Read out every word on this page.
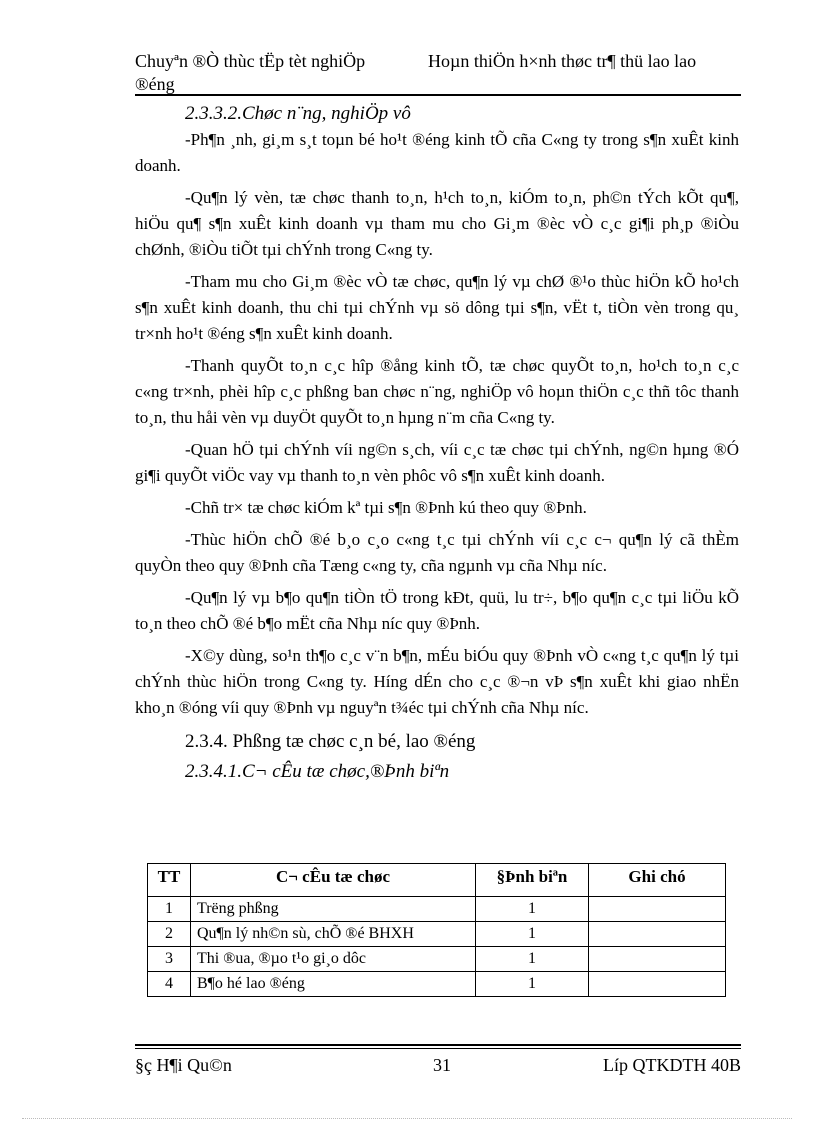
Chuyªn ®Ò thùc tËp tèt nghiÖp	Hoµn thiÖn h×nh thøc tr¶ thü lao lao
®éng
2.3.3.2.Chøc n¨ng, nghiÖp vô

-Ph¶n ¸nh, gi¸m s¸t toµn bé ho¹t ®éng kinh tÕ cña C«ng ty trong s¶n xuÊt kinh doanh.

-Qu¶n lý vèn, tæ chøc thanh to¸n, h¹ch to¸n, kiÓm to¸n, ph©n tÝch kÕt qu¶, hiÖu qu¶ s¶n xuÊt kinh doanh vµ tham mu cho Gi¸m ®èc vÒ c¸c gi¶i ph¸p ®iÒu chØnh, ®iÒu tiÕt tµi chÝnh trong C«ng ty.

-Tham mu cho Gi¸m ®èc vÒ tæ chøc, qu¶n lý vµ chØ ®¹o thùc hiÖn kÕ ho¹ch s¶n xuÊt kinh doanh, thu chi tµi chÝnh vµ sö dông tµi s¶n, vËt t, tiÒn vèn trong qu¸ tr×nh ho¹t ®éng s¶n xuÊt kinh doanh.

-Thanh quyÕt to¸n c¸c hîp ®ång kinh tÕ, tæ chøc quyÕt to¸n, ho¹ch to¸n c¸c c«ng tr×nh, phèi hîp c¸c phßng ban chøc n¨ng, nghiÖp vô hoµn thiÖn c¸c thñ tôc thanh to¸n, thu håi vèn vµ duyÖt quyÕt to¸n hµng n¨m cña C«ng ty.

-Quan hÖ tµi chÝnh víi ng©n s¸ch, víi c¸c tæ chøc tµi chÝnh, ng©n hµng ®Ó gi¶i quyÕt viÖc vay vµ thanh to¸n vèn phôc vô s¶n xuÊt kinh doanh.

-Chñ tr× tæ chøc kiÓm kª tµi s¶n ®Þnh kú theo quy ®Þnh.

-Thùc hiÖn chÕ ®é b¸o c¸o c«ng t¸c tµi chÝnh víi c¸c c¬ qu¶n lý cã thÈm quyÒn theo quy ®Þnh cña Tæng c«ng ty, cña ngµnh vµ cña Nhµ níc.

-Qu¶n lý vµ b¶o qu¶n tiÒn tÖ trong kÐt, quü, lu tr÷, b¶o qu¶n c¸c tµi liÖu kÕ to¸n theo chÕ ®é b¶o mËt cña Nhµ níc quy ®Þnh.

-X©y dùng, so¹n th¶o c¸c v¨n b¶n, mÉu biÓu quy ®Þnh vÒ c«ng t¸c qu¶n lý tµi chÝnh thùc hiÖn trong C«ng ty. Híng dÉn cho c¸c ®¬n vÞ s¶n xuÊt khi giao nhËn kho¸n ®óng víi quy ®Þnh vµ nguyªn t¾éc tµi chÝnh cña Nhµ níc.

2.3.4. Phßng tæ chøc c¸n bé, lao ®éng
2.3.4.1.C¬ cÊu tæ chøc,®Þnh biªn
TT	C¬ cÊu tæ chøc	§Þnh biªn	Ghi chó
1	Trëng phßng	1	
2	Qu¶n lý nh©n sù, chÕ ®é BHXH	1	
3	Thi ®ua, ®µo t¹o gi¸o dôc	1	
4	B¶o hé lao ®éng	1	
§ç H¶i Qu©n	31	Líp QTKDTH 40B
